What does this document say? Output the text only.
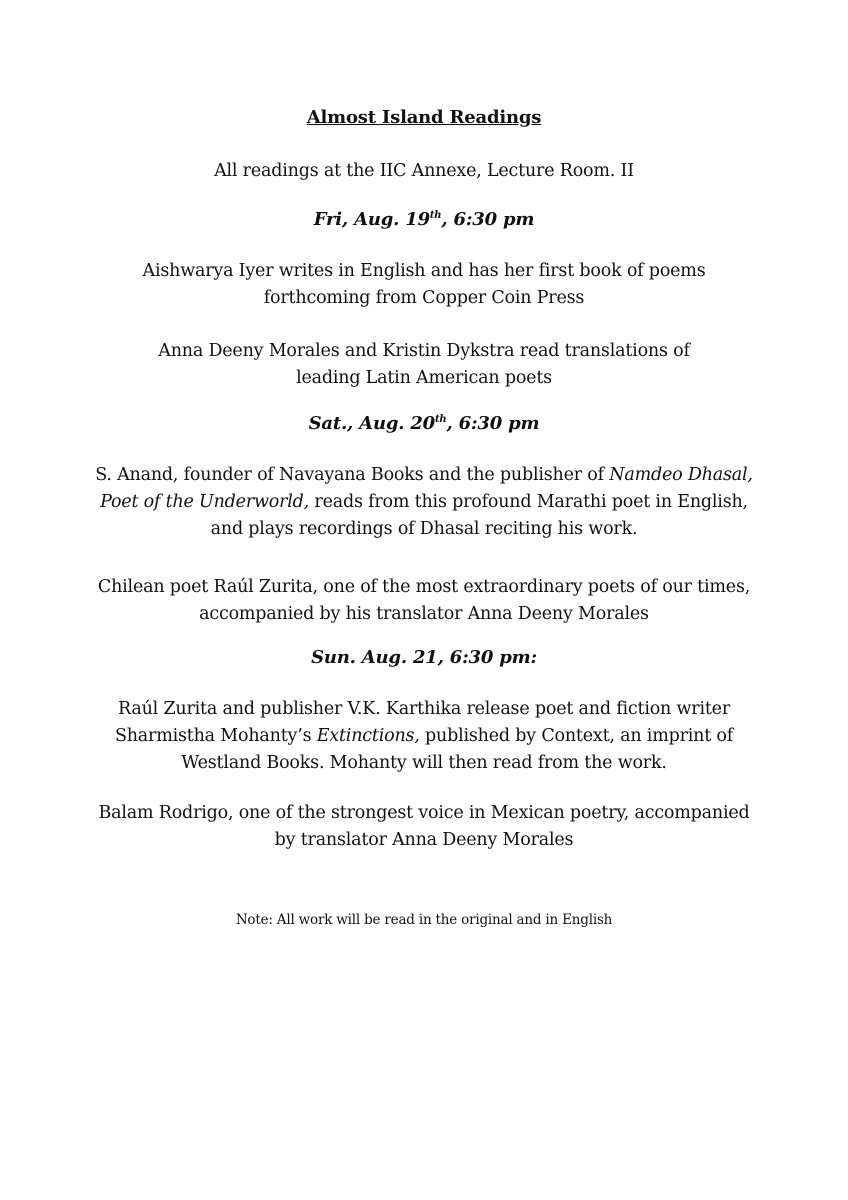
Almost Island Readings

All readings at the IIC Annexe, Lecture Room. II

Fri, Aug. 19th, 6:30 pm

Aishwarya Iyer writes in English and has her first book of poems
forthcoming from Copper Coin Press

Anna Deeny Morales and Kristin Dykstra read translations of
leading Latin American poets

Sat., Aug. 20th, 6:30 pm

S. Anand, founder of Navayana Books and the publisher of Namdeo Dhasal,
Poet of the Underworld, reads from this profound Marathi poet in English,
and plays recordings of Dhasal reciting his work.

Chilean poet Raúl Zurita, one of the most extraordinary poets of our times,
accompanied by his translator Anna Deeny Morales

Sun. Aug. 21, 6:30 pm:

Raúl Zurita and publisher V.K. Karthika release poet and fiction writer
Sharmistha Mohanty’s Extinctions, published by Context, an imprint of
Westland Books. Mohanty will then read from the work.

Balam Rodrigo, one of the strongest voice in Mexican poetry, accompanied
by translator Anna Deeny Morales

Note: All work will be read in the original and in English
